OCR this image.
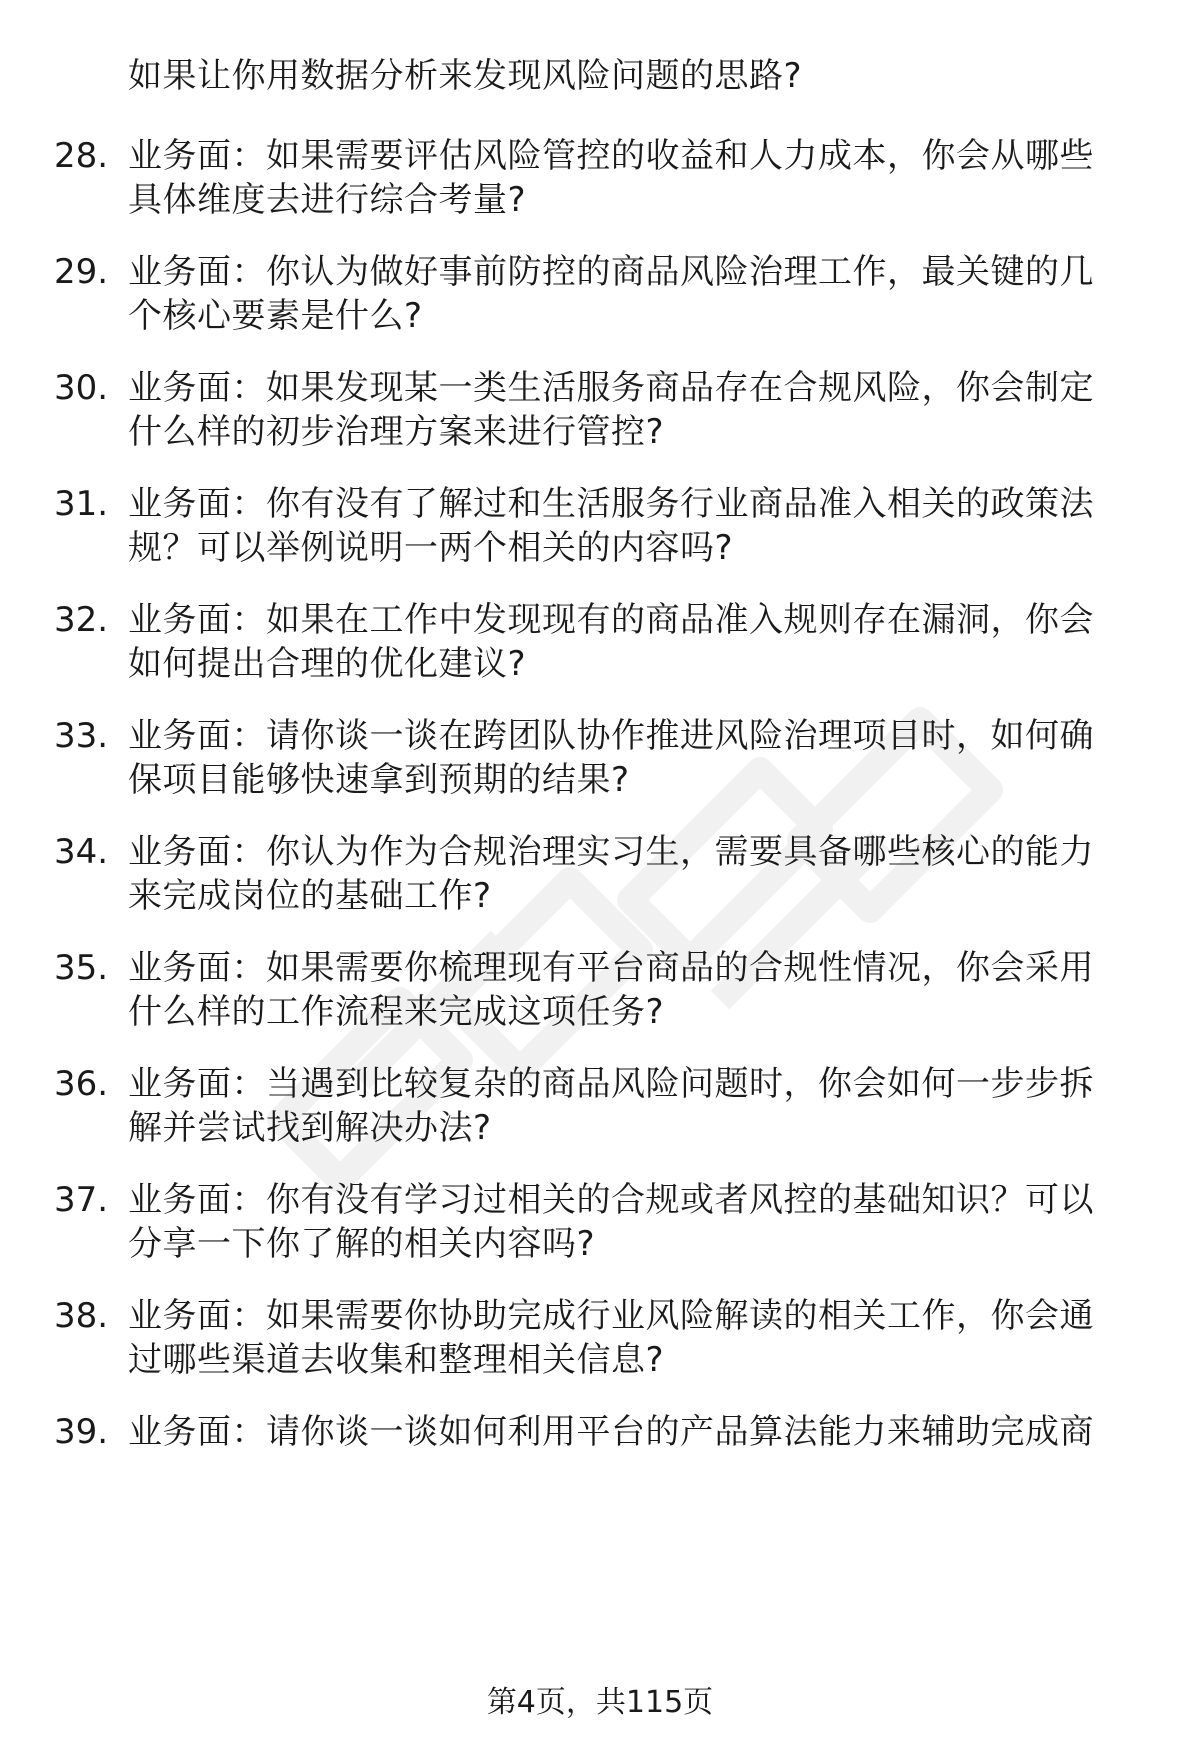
如果让你用数据分析来发现风险问题的思路?
28. 业务面：如果需要评估风险管控的收益和人力成本，你会从哪些
具体维度去进行综合考量?
29. 业务面：你认为做好事前防控的商品风险治理工作，最关键的几
个核心要素是什么?
30. 业务面：如果发现某一类生活服务商品存在合规风险，你会制定
什么样的初步治理方案来进行管控?
31. 业务面：你有没有了解过和生活服务行业商品准入相关的政策法
规？可以举例说明一两个相关的内容吗?
32. 业务面：如果在工作中发现现有的商品准入规则存在漏洞，你会
如何提出合理的优化建议?
33. 业务面：请你谈一谈在跨团队协作推进风险治理项目时，如何确
保项目能够快速拿到预期的结果?
34. 业务面：你认为作为合规治理实习生，需要具备哪些核心的能力
来完成岗位的基础工作?
35. 业务面：如果需要你梳理现有平台商品的合规性情况，你会采用
什么样的工作流程来完成这项任务?
36. 业务面：当遇到比较复杂的商品风险问题时，你会如何一步步拆
解并尝试找到解决办法?
37. 业务面：你有没有学习过相关的合规或者风控的基础知识？可以
分享一下你了解的相关内容吗?
38. 业务面：如果需要你协助完成行业风险解读的相关工作，你会通
过哪些渠道去收集和整理相关信息?
39. 业务面：请你谈一谈如何利用平台的产品算法能力来辅助完成商
第4页，共115页
